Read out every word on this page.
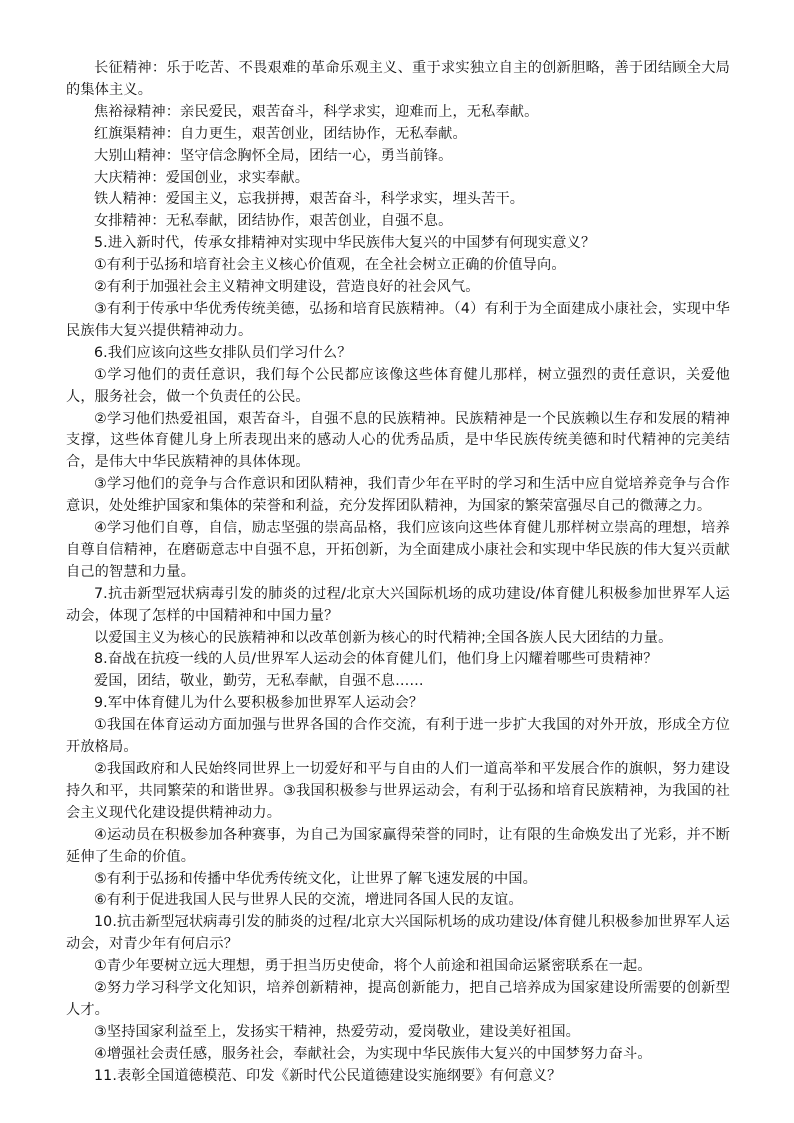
长征精神：乐于吃苦、不畏艰难的革命乐观主义、重于求实独立自主的创新胆略，善于团结顾全大局的集体主义。

焦裕禄精神：亲民爱民，艰苦奋斗，科学求实，迎难而上，无私奉献。

红旗渠精神：自力更生，艰苦创业，团结协作，无私奉献。

大别山精神：坚守信念胸怀全局，团结一心，勇当前锋。

大庆精神：爱国创业，求实奉献。

铁人精神：爱国主义，忘我拼搏，艰苦奋斗，科学求实，埋头苦干。

女排精神：无私奉献，团结协作，艰苦创业，自强不息。

5.进入新时代，传承女排精神对实现中华民族伟大复兴的中国梦有何现实意义？

①有利于弘扬和培育社会主义核心价值观，在全社会树立正确的价值导向。

②有利于加强社会主义精神文明建设，营造良好的社会风气。

③有利于传承中华优秀传统美德，弘扬和培育民族精神。（4）有利于为全面建成小康社会，实现中华民族伟大复兴提供精神动力。

6.我们应该向这些女排队员们学习什么？

①学习他们的责任意识，我们每个公民都应该像这些体育健儿那样，树立强烈的责任意识，关爱他人，服务社会，做一个负责任的公民。

②学习他们热爱祖国，艰苦奋斗，自强不息的民族精神。民族精神是一个民族赖以生存和发展的精神支撑，这些体育健儿身上所表现出来的感动人心的优秀品质，是中华民族传统美德和时代精神的完美结合，是伟大中华民族精神的具体体现。

③学习他们的竞争与合作意识和团队精神，我们青少年在平时的学习和生活中应自觉培养竞争与合作意识，处处维护国家和集体的荣誉和利益，充分发挥团队精神，为国家的繁荣富强尽自己的微薄之力。

④学习他们自尊，自信，励志坚强的崇高品格，我们应该向这些体育健儿那样树立崇高的理想，培养自尊自信精神，在磨砺意志中自强不息，开拓创新，为全面建成小康社会和实现中华民族的伟大复兴贡献自己的智慧和力量。

7.抗击新型冠状病毒引发的肺炎的过程/北京大兴国际机场的成功建设/体育健儿积极参加世界军人运动会，体现了怎样的中国精神和中国力量？

以爱国主义为核心的民族精神和以改革创新为核心的时代精神;全国各族人民大团结的力量。

8.奋战在抗疫一线的人员/世界军人运动会的体育健儿们，他们身上闪耀着哪些可贵精神？

爱国，团结，敬业，勤劳，无私奉献，自强不息……

9.军中体育健儿为什么要积极参加世界军人运动会？

①我国在体育运动方面加强与世界各国的合作交流，有利于进一步扩大我国的对外开放，形成全方位开放格局。

②我国政府和人民始终同世界上一切爱好和平与自由的人们一道高举和平发展合作的旗帜，努力建设持久和平，共同繁荣的和谐世界。③我国积极参与世界运动会，有利于弘扬和培育民族精神，为我国的社会主义现代化建设提供精神动力。

④运动员在积极参加各种赛事，为自己为国家赢得荣誉的同时，让有限的生命焕发出了光彩，并不断延伸了生命的价值。

⑤有利于弘扬和传播中华优秀传统文化，让世界了解飞速发展的中国。

⑥有利于促进我国人民与世界人民的交流，增进同各国人民的友谊。

10.抗击新型冠状病毒引发的肺炎的过程/北京大兴国际机场的成功建设/体育健儿积极参加世界军人运动会，对青少年有何启示？

①青少年要树立远大理想，勇于担当历史使命，将个人前途和祖国命运紧密联系在一起。

②努力学习科学文化知识，培养创新精神，提高创新能力，把自己培养成为国家建设所需要的创新型人才。

③坚持国家利益至上，发扬实干精神，热爱劳动，爱岗敬业，建设美好祖国。

④增强社会责任感，服务社会，奉献社会，为实现中华民族伟大复兴的中国梦努力奋斗。

11.表彰全国道德模范、印发《新时代公民道德建设实施纲要》有何意义？
